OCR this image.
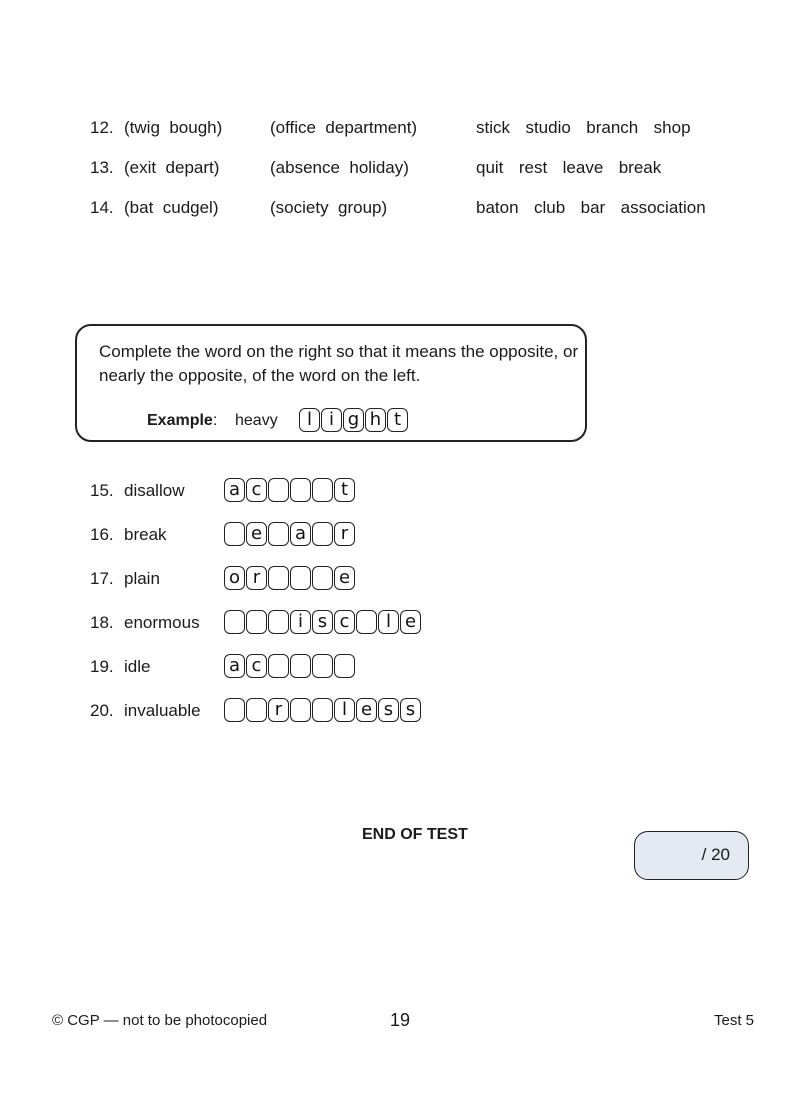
12. (twig  bough)	(office  department)	stick  studio  branch  shop
13. (exit  depart)	(absence  holiday)	quit  rest  leave  break
14. (bat  cudgel)	(society  group)	baton  club  bar  association
Complete the word on the right so that it means the opposite, or nearly the opposite, of the word on the left.
Example: heavy	l i g h t
15. disallow a c	t
16. break	e a	r
17. plain	o r	e
18. enormous	i s c	l e
19. idle	a c
20. invaluable	r	l e s s
END OF TEST
/ 20
© CGP — not to be photocopied	19	Test 5
